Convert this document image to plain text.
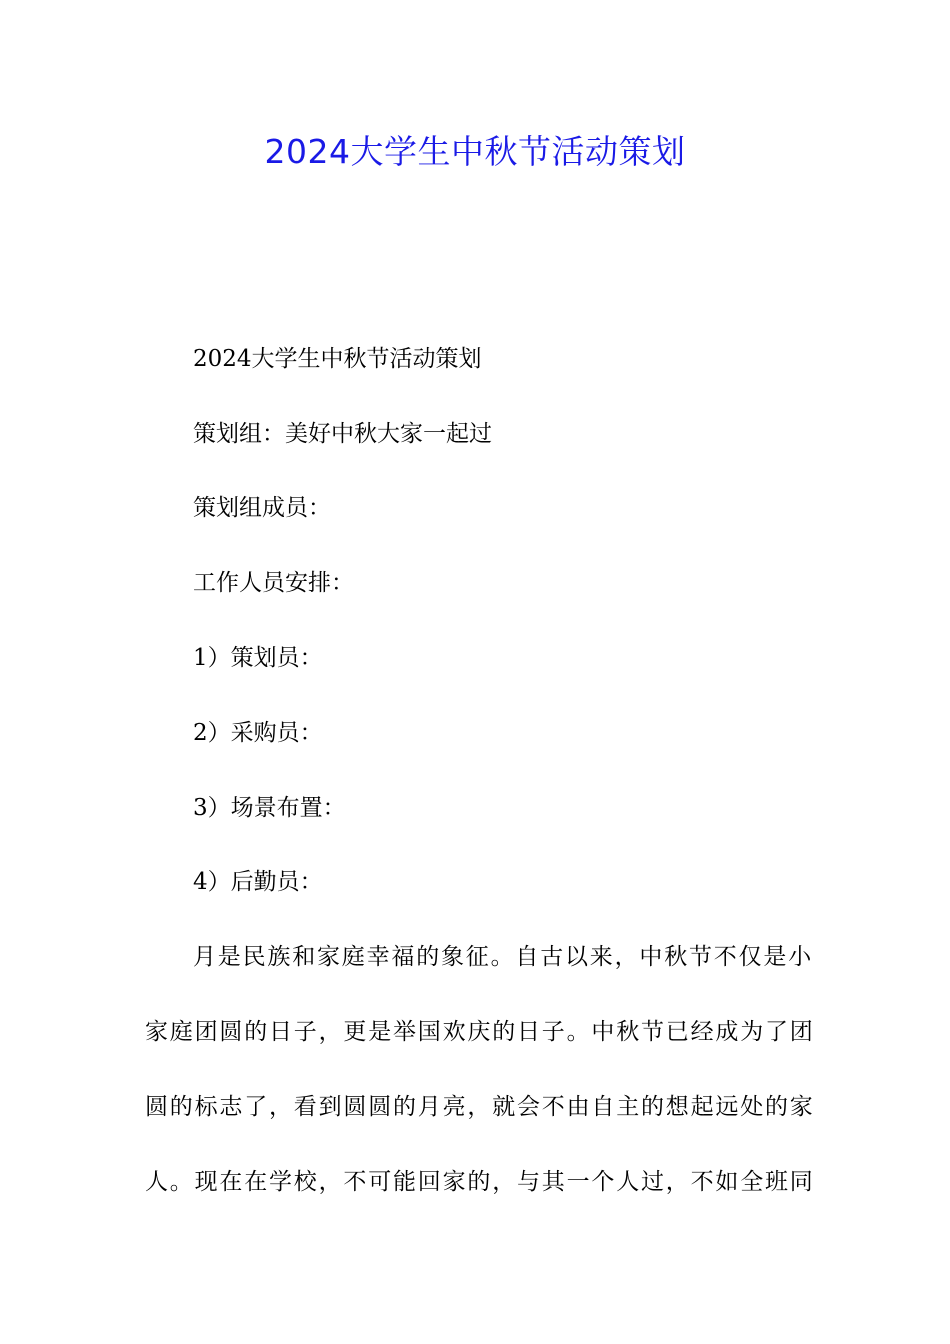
2024大学生中秋节活动策划

2024大学生中秋节活动策划

策划组：美好中秋大家一起过

策划组成员：

工作人员安排：

1）策划员：

2）采购员：

3）场景布置：

4）后勤员：

月是民族和家庭幸福的象征。自古以来，中秋节不仅是小

家庭团圆的日子，更是举国欢庆的日子。中秋节已经成为了团

圆的标志了，看到圆圆的月亮，就会不由自主的想起远处的家

人。现在在学校，不可能回家的，与其一个人过，不如全班同
